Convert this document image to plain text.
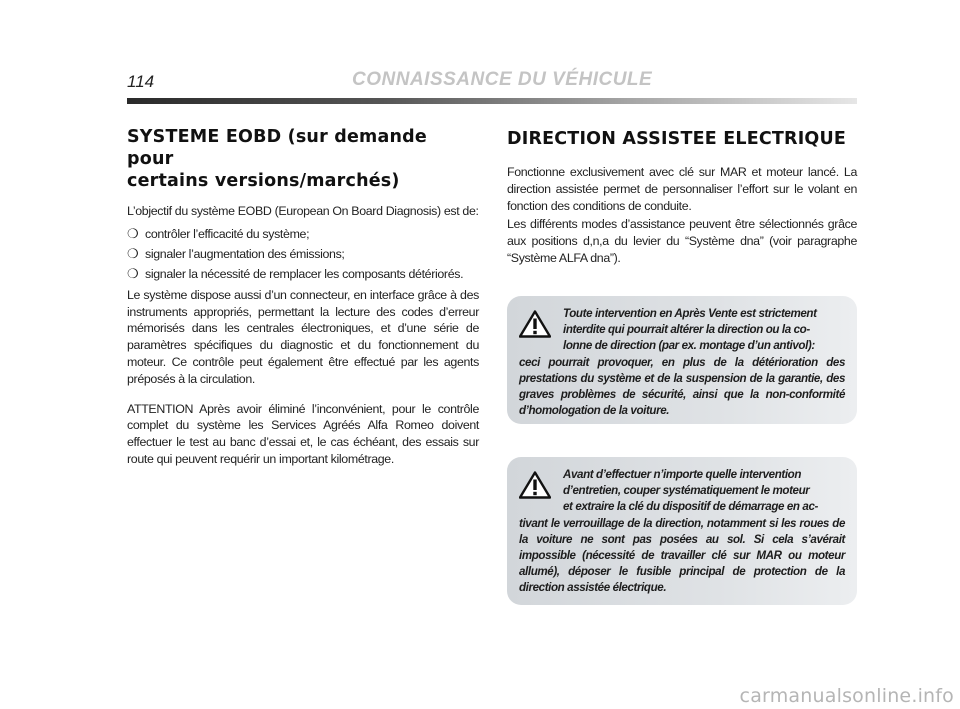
114	CONNAISSANCE DU VÉHICULE
SYSTEME EOBD (sur demande pour
certains versions/marchés)

L’objectif du système EOBD (European On Board Diagnosis) est de:

❍ contrôler l’efficacité du système;
❍ signaler l’augmentation des émissions;
❍ signaler la nécessité de remplacer les composants détériorés.

Le système dispose aussi d’un connecteur, en interface grâce à des instruments appropriés, permettant la lecture des codes d’erreur mémorisés dans les centrales électroniques, et d’une série de paramètres spécifiques du diagnostic et du fonctionnement du moteur. Ce contrôle peut également être effectué par les agents préposés à la circulation.

ATTENTION Après avoir éliminé l’inconvénient, pour le contrôle complet du système les Services Agréés Alfa Romeo doivent effectuer le test au banc d’essai et, le cas échéant, des essais sur route qui peuvent requérir un important kilométrage.

DIRECTION ASSISTEE ELECTRIQUE

Fonctionne exclusivement avec clé sur MAR et moteur lancé. La direction assistée permet de personnaliser l’effort sur le volant en fonction des conditions de conduite.

Les différents modes d’assistance peuvent être sélectionnés grâce aux positions d,n,a du levier du “Système dna” (voir paragraphe “Système ALFA dna”).

Toute intervention en Après Vente est strictement
interdite qui pourrait altérer la direction ou la co-
lonne de direction (par ex. montage d’un antivol):
ceci pourrait provoquer, en plus de la détérioration des prestations du système et de la suspension de la garantie, des graves problèmes de sécurité, ainsi que la non-conformité d’homologation de la voiture.

Avant d’effectuer n’importe quelle intervention
d’entretien, couper systématiquement le moteur
et extraire la clé du dispositif de démarrage en ac-
tivant le verrouillage de la direction, notamment si les roues de la voiture ne sont pas posées au sol. Si cela s’avérait impossible (nécessité de travailler clé sur MAR ou moteur allumé), déposer le fusible principal de protection de la direction assistée électrique.

carmanualsonline.info
